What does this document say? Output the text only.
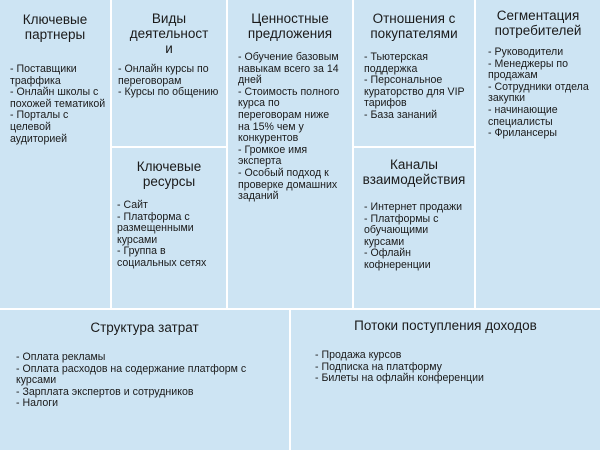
Ключевые
партнеры
- Поставщики траффика
- Онлайн школы с похожей тематикой
- Порталы с целевой аудиторией
Виды
деятельност
и
- Онлайн курсы по переговорам
- Курсы по общению
Ключевые
ресурсы
- Сайт
- Платформа с размещенными курсами
- Группа в социальных сетях
Ценностные
предложения
- Обучение базовым навыкам всего за 14 дней
- Стоимость полного курса по переговорам ниже на 15% чем у конкурентов
- Громкое имя эксперта
- Особый подход к проверке домашних заданий
Отношения с
покупателями
- Тьютерская поддержка
- Персональное кураторство для VIP тарифов
- База зананий
Каналы
взаимодействия
- Интернет продажи
- Платформы с обучающими курсами
- Офлайн кофнеренции
Сегментация
потребителей
- Руководители
- Менеджеры по продажам
- Сотрудники отдела закупки
- начинающие специалисты
- Фрилансеры
Структура затрат
- Оплата рекламы
- Оплата расходов на содержание платформ с курсами
- Зарплата экспертов и сотрудников
- Налоги
Потоки поступления доходов
- Продажа курсов
- Подписка на платформу
- Билеты на офлайн конференции
